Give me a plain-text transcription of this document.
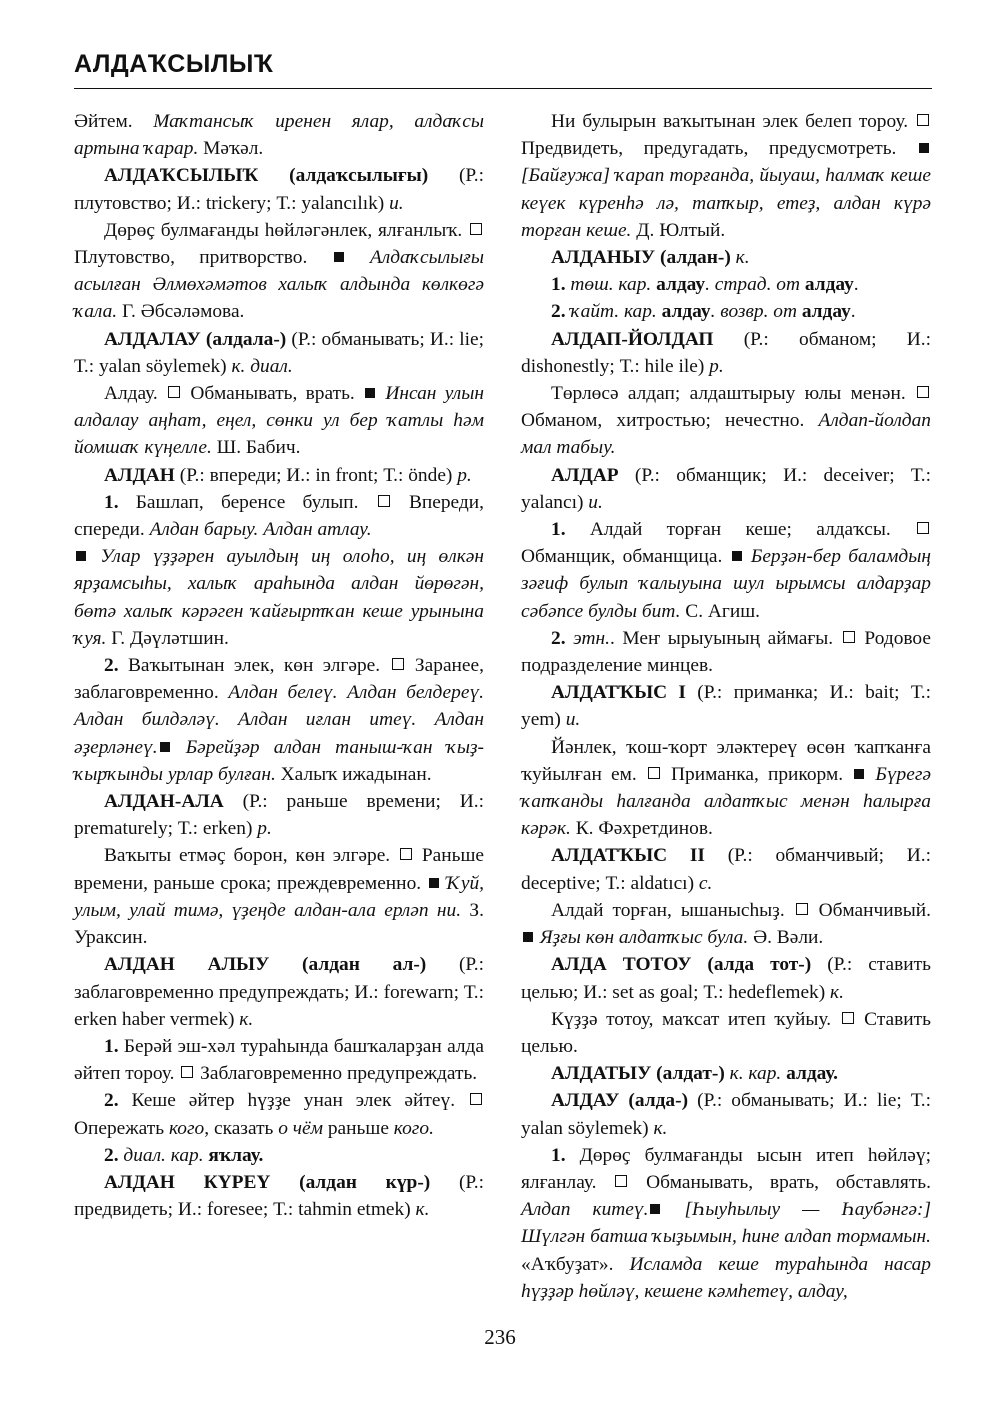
АЛДАҠСЫЛЫҠ

Әйтем. Маҡтансыҡ иренен ялар, алдаҡсы артына ҡарар. Мәҡәл.

АЛДАҠСЫЛЫҠ (алдаҡсылығы) (Р.: плутовство; И.: trickery; Т.: yalancılık) и.

Дөрөҫ булмағанды һөйләгәнлек, ялғанлыҡ.  Плутовство, притворство.  Алдаҡсылығы асылған Әлмөхәмәтов халыҡ алдында көлкөгә ҡала. Г. Әбсәләмова.

АЛДАЛАУ (алдала-) (Р.: обманывать; И.: lie; Т.: yalan söylemek) к. диал.

Алдау.  Обманывать, врать.  Инсан улын алдалау аңһат, еңел, сөнки ул бер ҡатлы һәм йомшаҡ күңелле. Ш. Бабич.

АЛДАН (Р.: впереди; И.: in front; Т.: önde) р.

1. Башлап, беренсе булып.  Впереди, спереди. Алдан барыу. Алдан атлау.
Улар үҙҙәрен ауылдың иң олоһо, иң өлкән ярҙамсыһы, халыҡ араһында алдан йөрөгән, бөтә халыҡ кәрәген ҡайғыртҡан кеше урынына ҡуя. Г. Дәүләтшин.

2. Ваҡытынан элек, көн элгәре.  Заранее, заблаговременно. Алдан белеү. Алдан белдереү. Алдан билдәләү. Алдан иғлан итеү. Алдан әҙерләнеү. Бәрейҙәр алдан таныш-ҡан ҡыҙ-ҡырҡынды урлар булған. Халыҡ ижадынан.

АЛДАН-АЛА (Р.: раньше времени; И.: prematurely; Т.: erken) р.

Ваҡыты етмәҫ борон, көн элгәре.  Раньше времени, раньше срока; преждевременно.  Ҡуй, улым, улай тимә, үҙеңде алдан-ала ерләп ни. З. Ураксин.

АЛДАН АЛЫУ (алдан ал-) (Р.: заблаговременно предупреждать; И.: forewarn; Т.: erken haber vermek) к.

1. Берәй эш-хәл тураһында башҡаларҙан алда әйтеп тороу.  Заблаговременно предупреждать.

2. Кеше әйтер һүҙҙе унан элек әйтеү.  Опережать кого, сказать о чём раньше кого.

2. диал. кар. яҡлау.

АЛДАН КҮРЕҮ (алдан күр-) (Р.: предвидеть; И.: foresee; Т.: tahmin etmek) к.

Ни булырын ваҡытынан элек белеп тороу.  Предвидеть, предугадать, предусмотреть.  [Байғужа] ҡарап торғанда, йыуаш, һалмаҡ кеше кеүек күренһә лә, тапҡыр, етеҙ, алдан күрә торған кеше. Д. Юлтый.

АЛДАНЫУ (алдан-) к.

1. төш. кар. алдау. страд. от алдау.

2. ҡайт. кар. алдау. возвр. от алдау.

АЛДАП-ЙОЛДАП (Р.: обманом; И.: dishonestly; Т.: hile ile) р.

Төрлөсә алдап; алдаштырыу юлы менән.  Обманом, хитростью; нечестно. Алдап-йолдап мал табыу.

АЛДАР (Р.: обманщик; И.: deceiver; Т.: yalancı) и.

1. Алдай торған кеше; алдаҡсы.  Обманщик, обманщица.  Берҙән-бер баламдың зәғиф булып ҡалыуына шул ырымсы алдарҙар сәбәпсе булды бит. С. Агиш.

2. этн.. Меҥ ырыуының аймағы.  Родовое подразделение минцев.

АЛДАТҠЫС I (Р.: приманка; И.: bait; Т.: yem) и.

Йәнлек, ҡош-ҡорт эләктереү өсөн ҡапҡанға ҡуйылған ем.  Приманка, прикорм.  Бүрегә ҡапҡанды һалғанда алдатҡыс менән һалырға кәрәк. К. Фәхретдинов.

АЛДАТҠЫС II (Р.: обманчивый; И.: deceptive; Т.: aldatıcı) с.

Алдай торған, ышанысһыҙ.  Обманчивый.  Яҙғы көн алдатҡыс була. Ә. Вәли.

АЛДА ТОТОУ (алда тот-) (Р.: ставить целью; И.: set as goal; Т.: hedeflemek) к.

Күҙҙә тотоу, маҡсат итеп ҡуйыу.  Ставить целью.

АЛДАТЫУ (алдат-) к. кар. алдау.

АЛДАУ (алда-) (Р.: обманывать; И.: lie; Т.: yalan söylemek) к.

1. Дөрөҫ булмағанды ысын итеп һөйләү; ялғанлау.  Обманывать, врать, обставлять. Алдап китеү. [Һыуһылыу — Һаубәнгә:] Шүлгән батша ҡыҙымын, һине алдап тормамын. «Аҡбуҙат». Исламда кеше тураһында насар һүҙҙәр һөйләү, кешене кәмһетеү, алдау,

236
